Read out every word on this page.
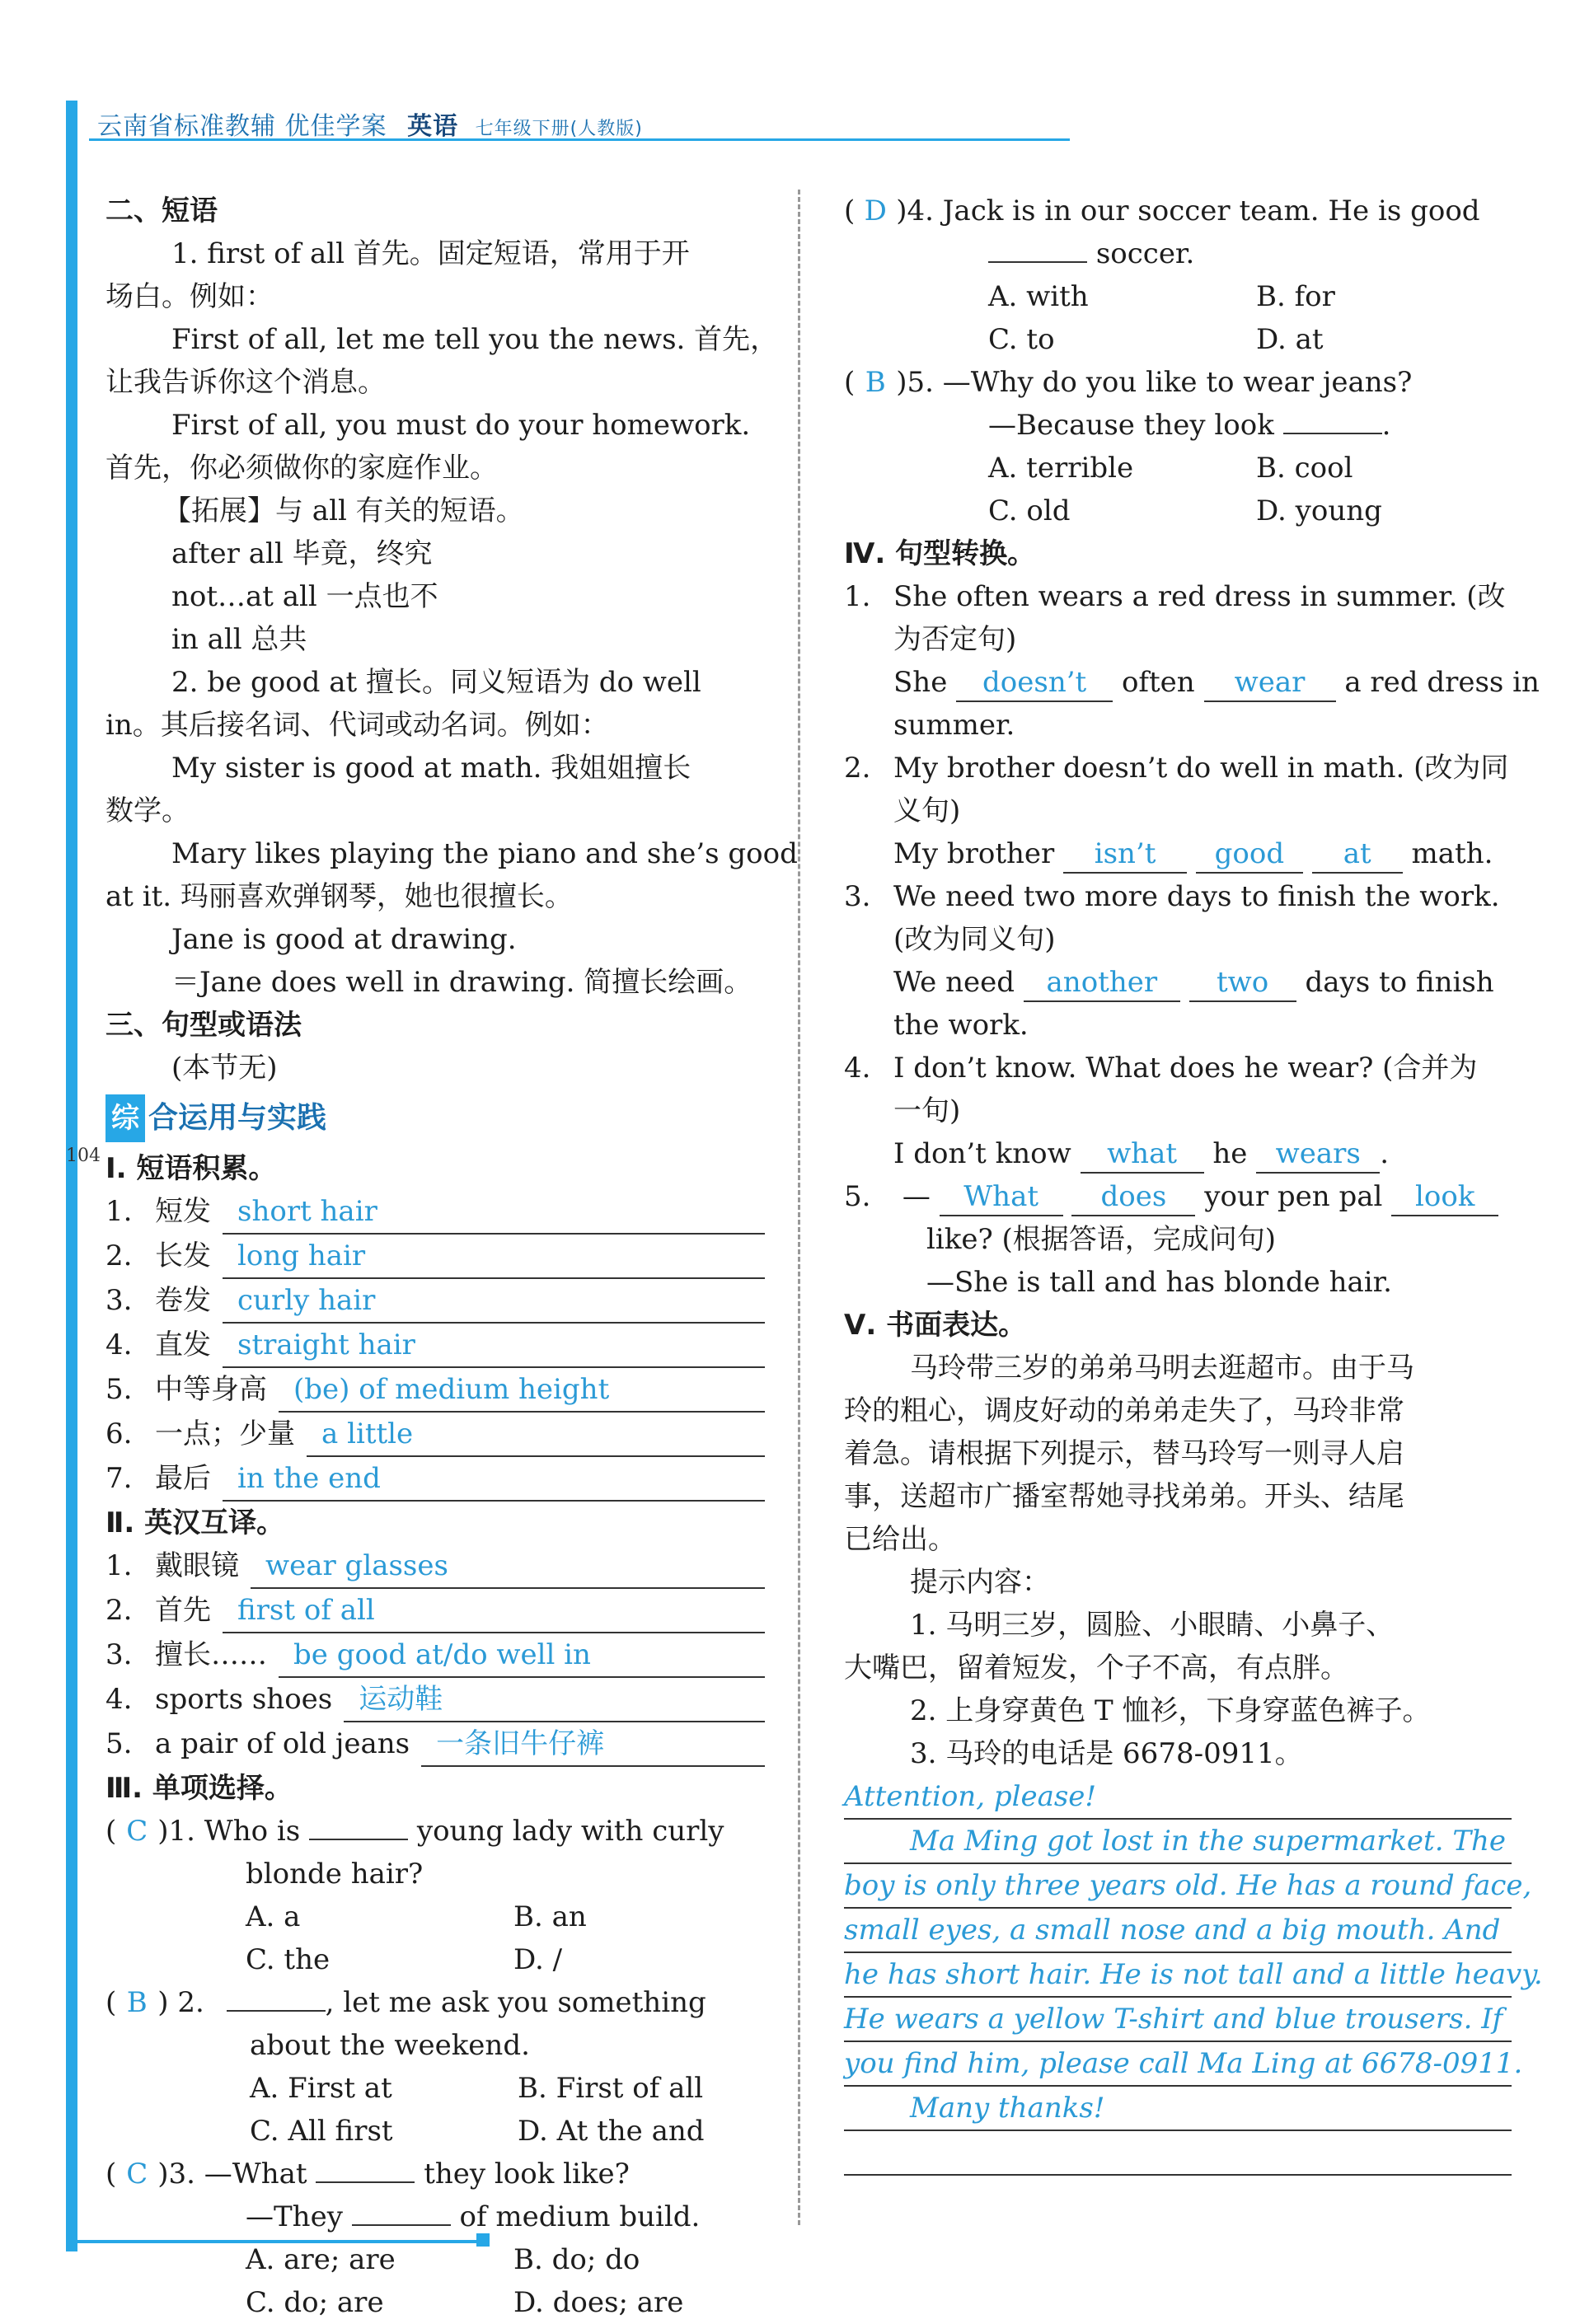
云南省标准教辅 优佳学案 英语 七年级下册(人教版)
104
二、短语
1. first of all 首先。固定短语，常用于开
场白。例如：
First of all, let me tell you the news. 首先，
让我告诉你这个消息。
First of all, you must do your homework.
首先，你必须做你的家庭作业。
【拓展】与 all 有关的短语。
after all 毕竟，终究
not…at all 一点也不
in all 总共
2. be good at 擅长。同义短语为 do well
in。其后接名词、代词或动名词。例如：
My sister is good at math. 我姐姐擅长
数学。
Mary likes playing the piano and she’s good
at it. 玛丽喜欢弹钢琴，她也很擅长。
Jane is good at drawing.
＝Jane does well in drawing. 简擅长绘画。
三、句型或语法
(本节无)
综 合运用与实践
Ⅰ. 短语积累。
1. 短发 short hair
2. 长发 long hair
3. 卷发 curly hair
4. 直发 straight hair
5. 中等身高 (be) of medium height
6. 一点；少量 a little
7. 最后 in the end
Ⅱ. 英汉互译。
1. 戴眼镜 wear glasses
2. 首先 first of all
3. 擅长…… be good at/do well in
4. sports shoes 运动鞋
5. a pair of old jeans 一条旧牛仔裤
Ⅲ. 单项选择。
( C )1. Who is	young lady with curly
blonde hair?
A. a	B. an
C. the	D. /
( B ) 2.	, let me ask you something
about the weekend.
A. First at	B. First of all
C. All first	D. At the and
( C )3. —What	they look like?
—They	of medium build.
A. are; are	B. do; do
C. do; are	D. does; are
( D )4. Jack is in our soccer team. He is good
soccer.
A. with	B. for
C. to	D. at
( B )5. —Why do you like to wear jeans?
—Because they look	.
A. terrible	B. cool
C. old	D. young
Ⅳ. 句型转换。
1. She often wears a red dress in summer. (改
为否定句)
She doesn’t often wear a red dress in
summer.
2. My brother doesn’t do well in math. (改为同
义句)
My brother isn’t good at math.
3. We need two more days to finish the work.
(改为同义句)
We need another two days to finish
the work.
4. I don’t know. What does he wear? (合并为
一句)
I don’t know what he wears .
5. — What does your pen pal look
like? (根据答语，完成问句)
—She is tall and has blonde hair.
Ⅴ. 书面表达。
马玲带三岁的弟弟马明去逛超市。由于马
玲的粗心，调皮好动的弟弟走失了，马玲非常
着急。请根据下列提示，替马玲写一则寻人启
事，送超市广播室帮她寻找弟弟。开头、结尾
已给出。
提示内容：
1. 马明三岁，圆脸、小眼睛、小鼻子、
大嘴巴，留着短发，个子不高，有点胖。
2. 上身穿黄色 T 恤衫，下身穿蓝色裤子。
3. 马玲的电话是 6678-0911。
Attention, please!
Ma Ming got lost in the supermarket. The
boy is only three years old. He has a round face,
small eyes, a small nose and a big mouth. And
he has short hair. He is not tall and a little heavy.
He wears a yellow T-shirt and blue trousers. If
you find him, please call Ma Ling at 6678-0911.
Many thanks!
